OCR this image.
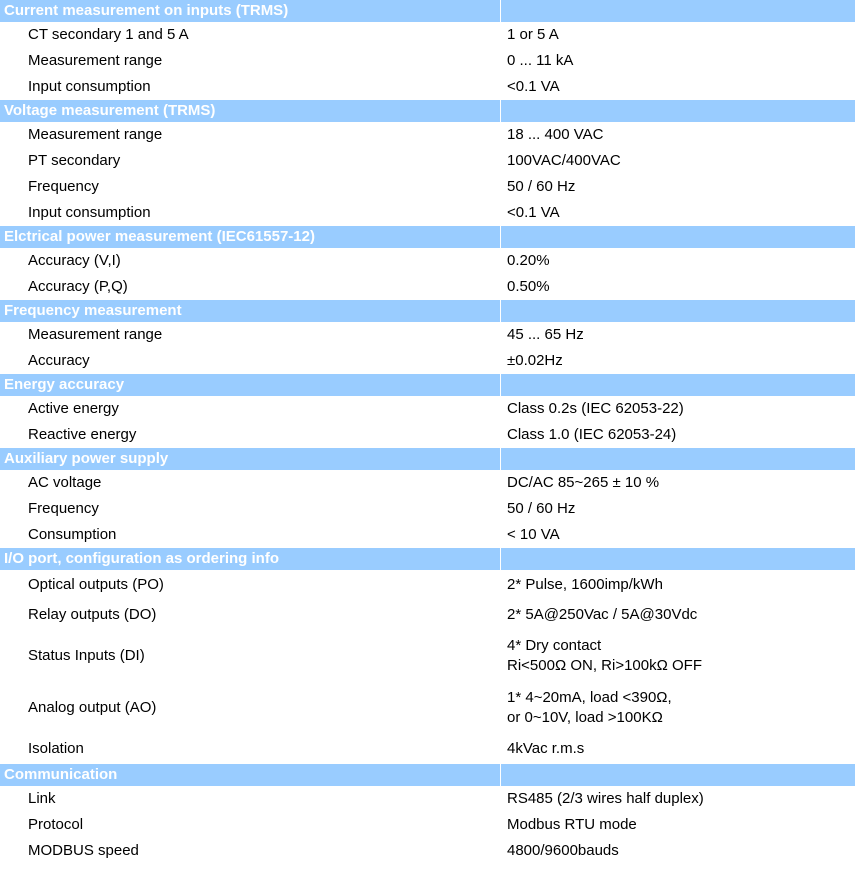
Current measurement on inputs (TRMS)	
CT secondary 1 and 5 A	1 or 5 A
Measurement range	0 ... 11 kA
Input consumption	<0.1 VA
Voltage measurement (TRMS)	
Measurement range	18 ... 400 VAC
PT secondary	100VAC/400VAC
Frequency	50 / 60 Hz
Input consumption	<0.1 VA
Elctrical power measurement (IEC61557-12)	
Accuracy (V,I)	0.20%
Accuracy (P,Q)	0.50%
Frequency measurement	
Measurement range	45 ... 65 Hz
Accuracy	±0.02Hz
Energy accuracy	
Active energy	Class 0.2s (IEC 62053-22)
Reactive energy	Class 1.0 (IEC 62053-24)
Auxiliary power supply	
AC voltage	DC/AC 85~265 ± 10 %
Frequency	50 / 60 Hz
Consumption	< 10 VA
I/O port, configuration as ordering info	
Optical outputs (PO)	2* Pulse, 1600imp/kWh
Relay outputs (DO)	2* 5A@250Vac / 5A@30Vdc
Status Inputs (DI)	4* Dry contact
Ri<500Ω ON, Ri>100kΩ OFF

Analog output (AO)	1* 4~20mA, load <390Ω,
or 0~10V, load >100KΩ

Isolation	4kVac r.m.s
Communication	
Link	RS485 (2/3 wires half duplex)
Protocol	Modbus RTU mode
MODBUS speed	4800/9600bauds
